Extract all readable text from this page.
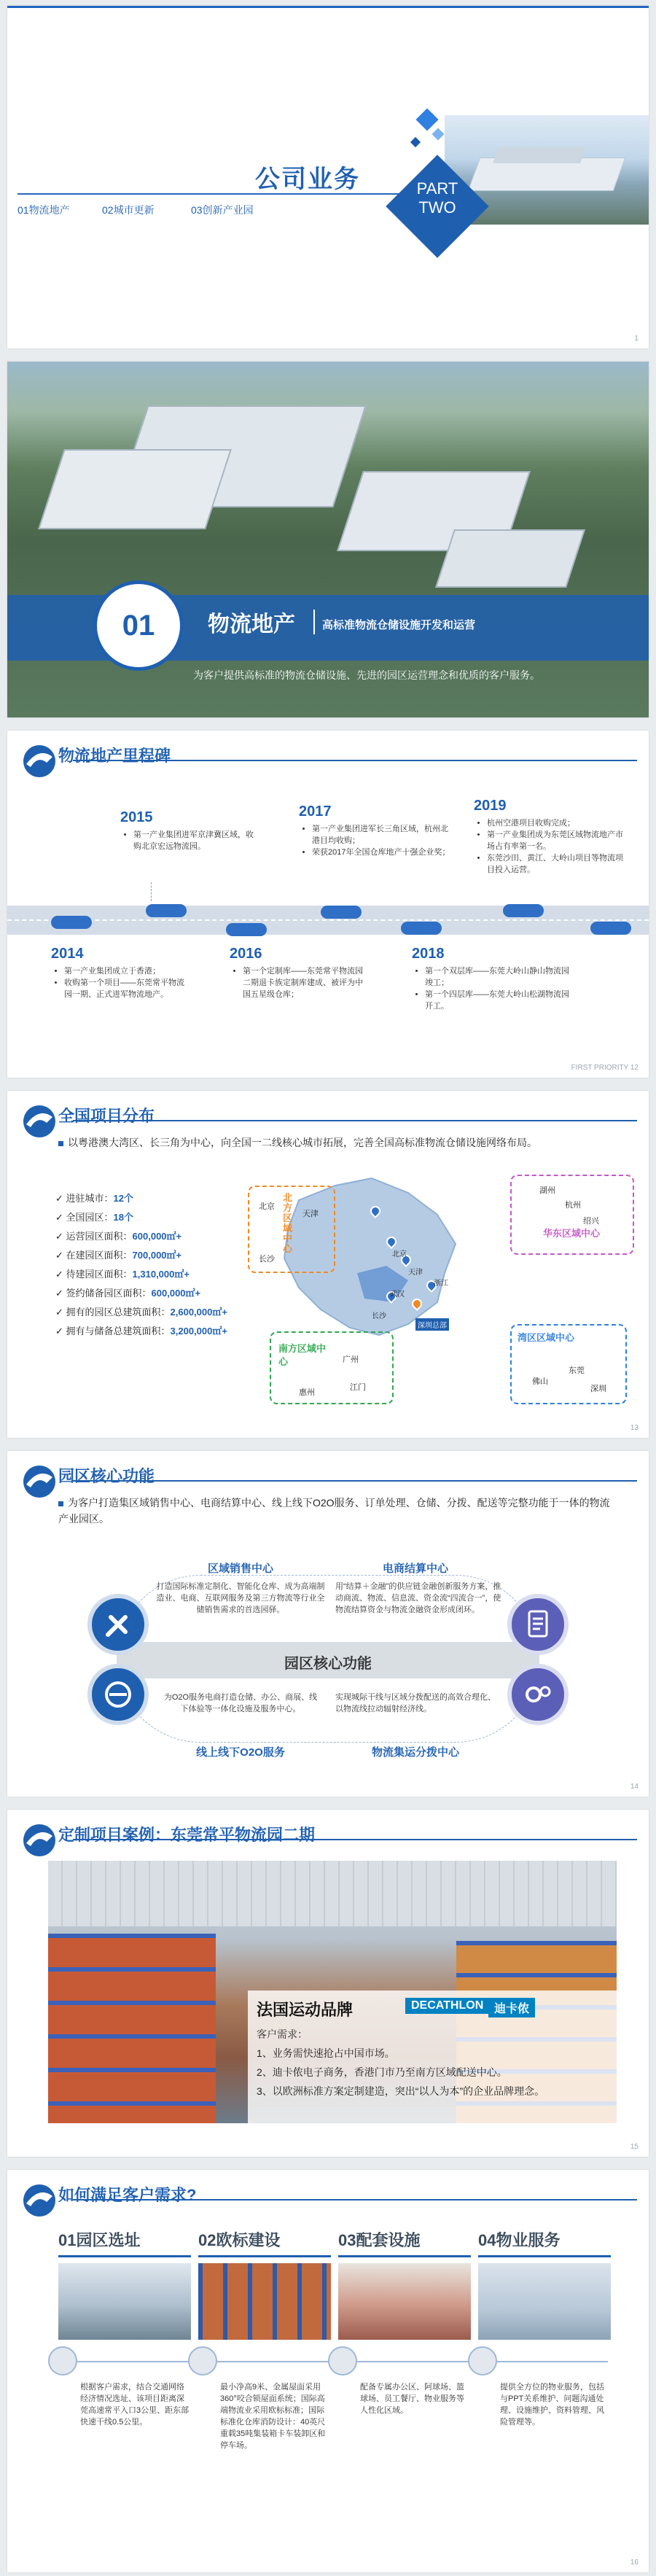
PART
TWO
公司业务
01物流地产	02城市更新	03创新产业园
1
01	物流地产 高标准物流仓储设施开发和运营
为客户提供高标准的物流仓储设施、先进的园区运营理念和优质的客户服务。
物流地产里程碑
2015
• 第一产业集团进军京津冀区域，收购北京宏远物流园。
2017
• 第一产业集团进军长三角区域，杭州北港目均收购；
• 荣获2017年全国仓库地产十强企业奖；
2019
• 杭州空港项目收购完成；
• 第一产业集团成为东莞区域物流地产市场占有率第一名。
• 东莞沙田、黄江、大岭山项目等物流项目投入运营。
2014
• 第一产业集团成立于香港；
• 收购第一个项目——东莞常平物流园一期、正式进军物流地产。
2016
• 第一个定制库——东莞常平物流园二期退卡族定制库建成、被评为中国五星级仓库；
2018
• 第一个双层库——东莞大岭山静山物流园竣工；
• 第一个四层库——东莞大岭山松湖物流园开工。
FIRST PRIORITY 12
全国项目分布
以粤港澳大湾区、长三角为中心，向全国一二线核心城市拓展，完善全国高标准物流仓储设施网络布局。
✓ 进驻城市：12个
✓ 全国园区：18个
✓ 运营园区面积：600,000㎡+
✓ 在建园区面积：700,000㎡+
✓ 待建园区面积：1,310,000㎡+
✓ 签约储备园区面积：600,000㎡+
✓ 拥有的园区总建筑面积：2,600,000㎡+
✓ 拥有与储备总建筑面积：3,200,000㎡+
北京
天津
长沙
武汉
浙江
深圳总部
北方区域中心
北京
天津
长沙
华东区域中心
湖州
杭州
绍兴
南方区域中心	广州
惠州
江门
湾区区域中心
佛山
东莞
深圳
13
园区核心功能
为客户打造集区域销售中心、电商结算中心、线上线下O2O服务、订单处理、仓储、分拨、配送等完整功能于一体的物流产业园区。
园区核心功能
区域销售中心
打造国际标准定制化、智能化仓库、成为高端制造业、电商、互联网服务及第三方物流等行业全储销售需求的首选园驿。
电商结算中心
用“结算＋金融”的供应链金融创新服务方案，推动商流、物流、信息流、资金流“四流合一”，使物流结算资金与物流金融资金形成闭环。
为O2O服务电商打造仓储、办公、商展、线下体验等一体化设施及服务中心。
线上线下O2O服务
实现城际干线与区域分拨配送的高效合理化、以物流线拉动辐射经济线。
物流集运分拨中心
14
定制项目案例：东莞常平物流园二期
法国运动品牌	DECATHLON 迪卡侬
客户需求：
1、业务需快速抢占中国市场。
2、迪卡侬电子商务，香港门市乃至南方区域配送中心。
3、以欧洲标准方案定制建造，突出“以人为本”的企业品牌理念。
15
如何满足客户需求?
01园区选址	02欧标建设	03配套设施	04物业服务
根据客户需求，结合交通网络经济情况选址、该项目距离深莞高速常平入口3公里、距东部快速干线0.5公里。
最小净高9米、金属屋面采用360°咬合锁屋面系统；国际高端物流业采用欧标标准；国际标准化仓库消防设计：40英尺重载35吨集装箱卡车装卸区和停车场。
配备专属办公区、阿球场、篮球场、员工餐厅、物业服务等人性化区域。
提供全方位的物业服务，包括与PPT关系维护、问题沟通处理、设施维护、资料管理、风险管理等。
16
